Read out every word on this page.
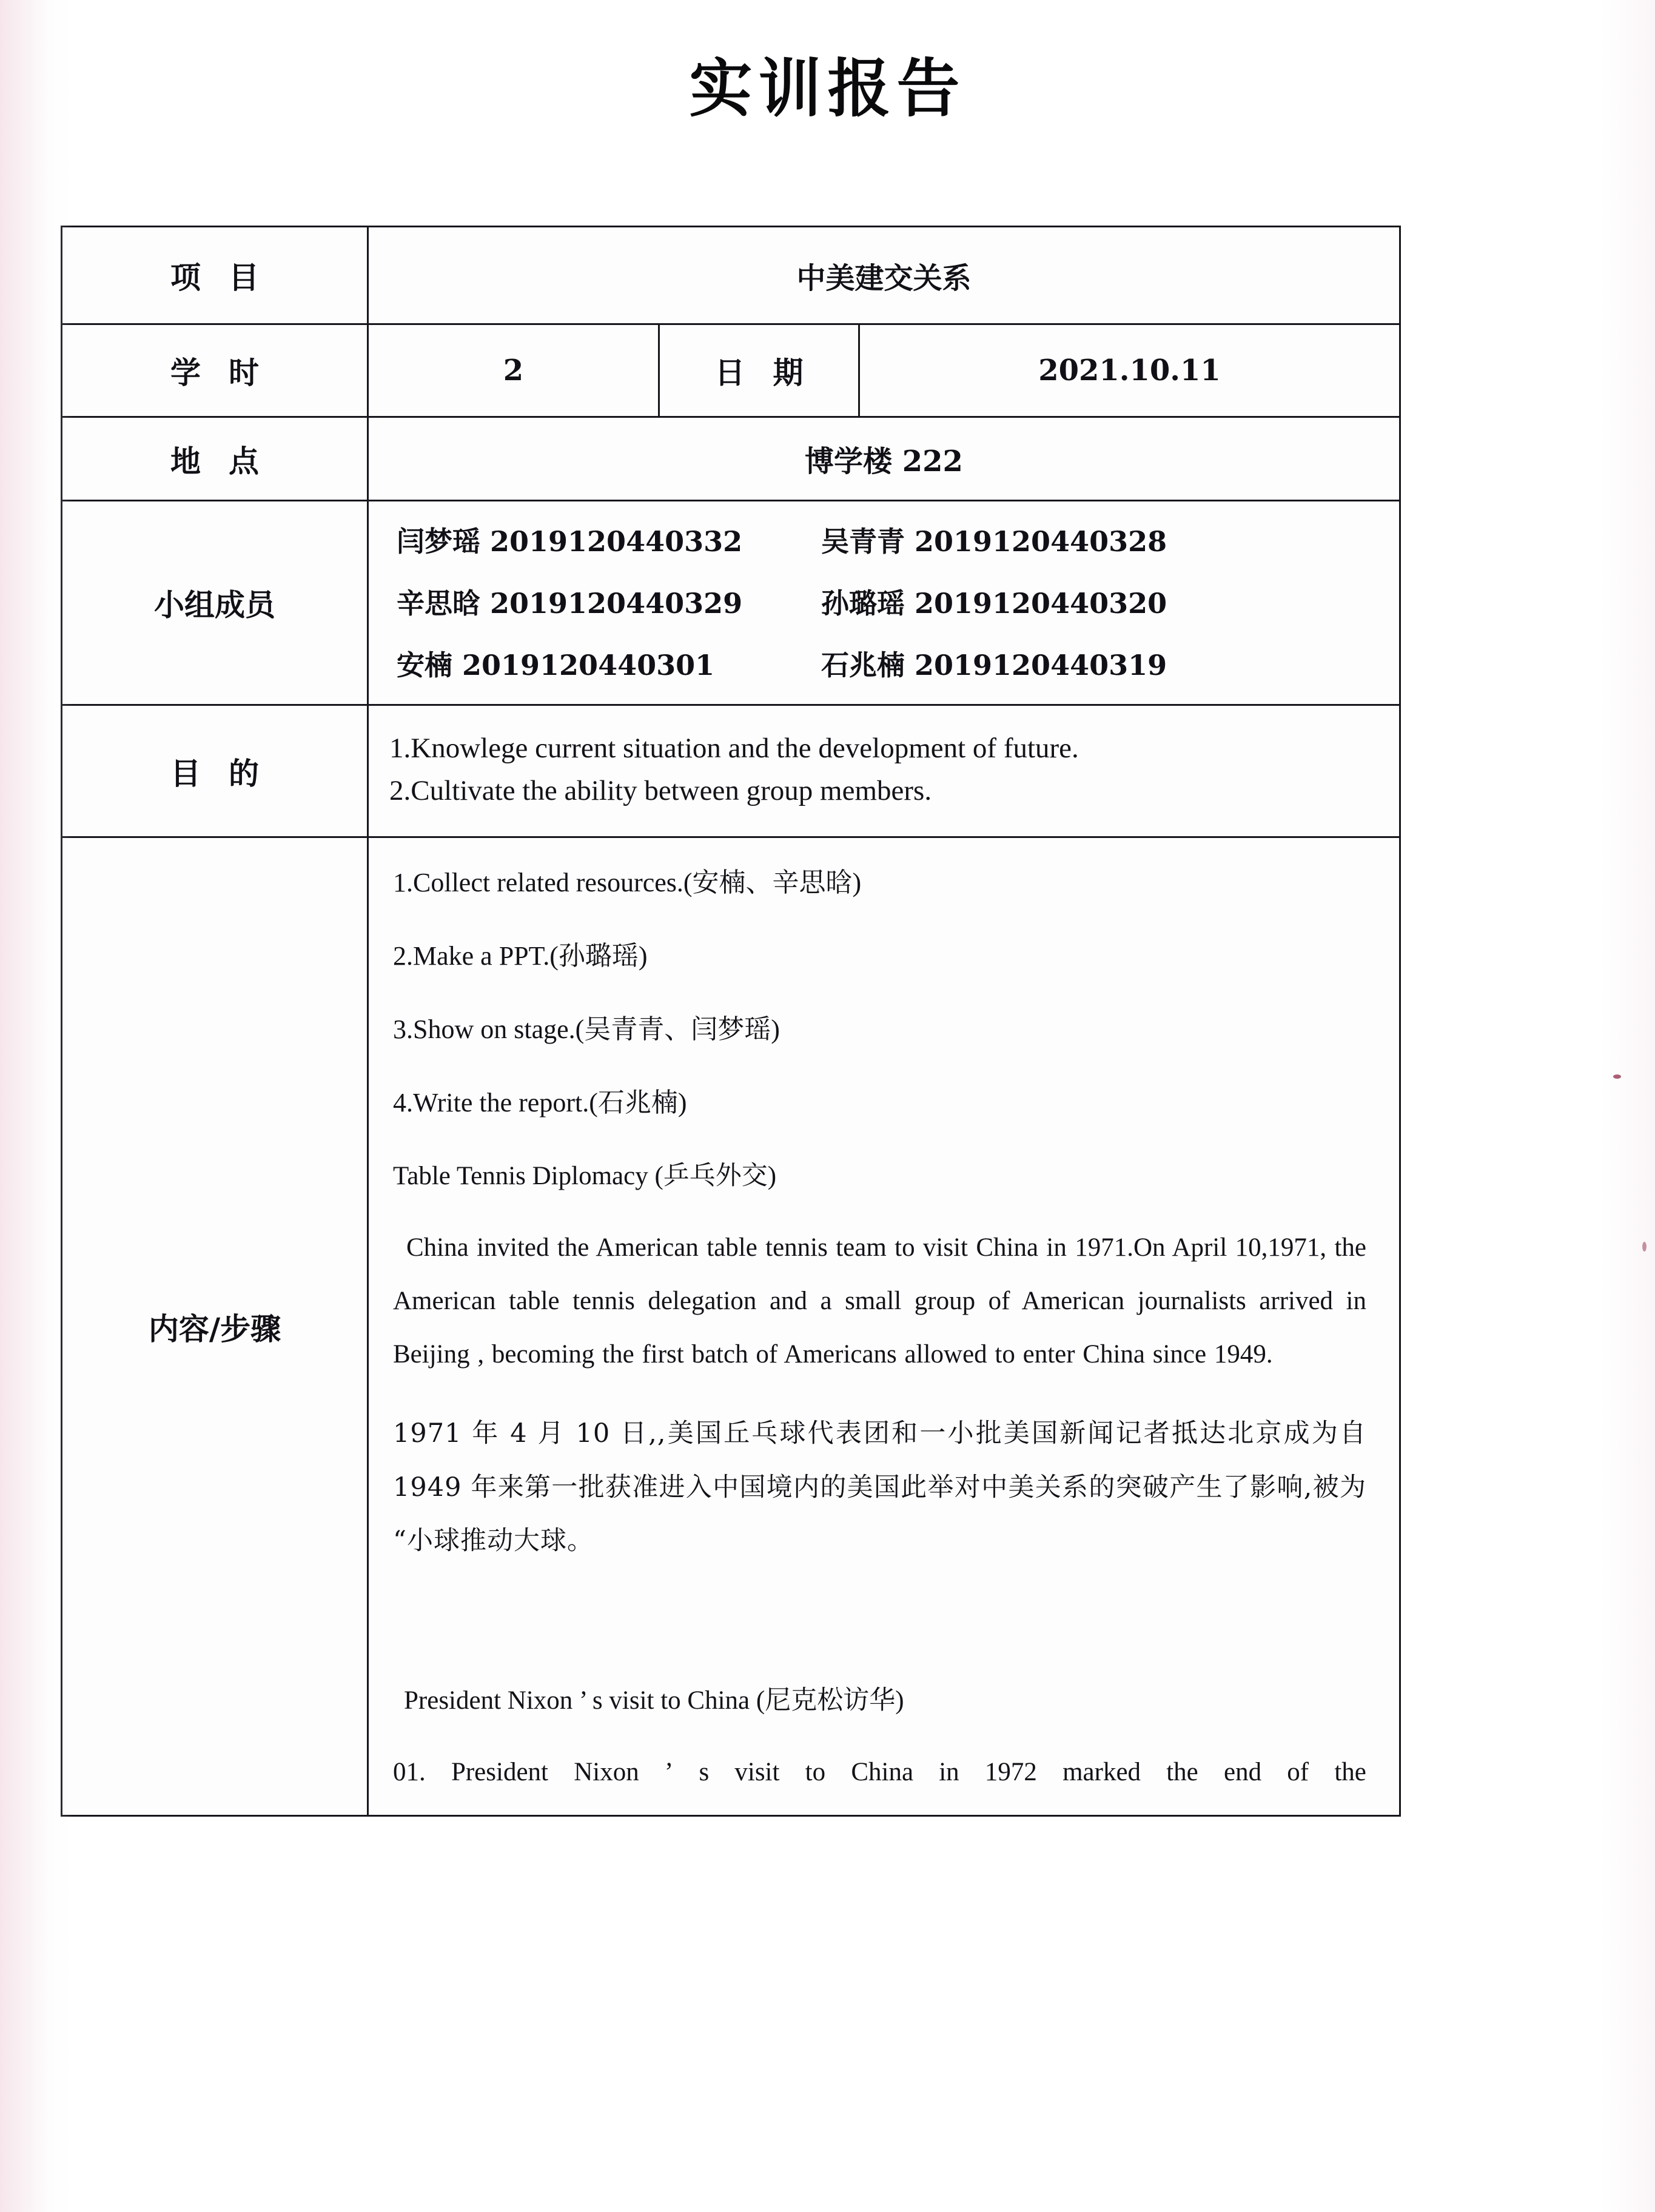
实训报告
项 目	中美建交关系		
学 时	2	日 期	2021.10.11
地 点	博学楼 222		
小组成员	
闫梦瑶 2019120440332	吴青青 2019120440328
辛思晗 2019120440329	孙璐瑶 2019120440320
安楠 2019120440301	石兆楠 2019120440319

目 的	1.Knowlege current situation and the development of future.
2.Cultivate the ability between group members.		

内容/步骤	
1.Collect related resources.(安楠、辛思晗)
2.Make a PPT.(孙璐瑶)
3.Show on stage.(吴青青、闫梦瑶)
4.Write the report.(石兆楠)
Table Tennis Diplomacy (乒乓外交)
China invited the American table tennis team to visit China in 1971.On April 10,1971, the American table tennis delegation and a small group of American journalists arrived in Beijing , becoming the first batch of Americans allowed to enter China since 1949.
1971 年 4 月 10 日,,美国丘乓球代表团和一小批美国新闻记者抵达北京成为自 1949 年来第一批获准进入中国境内的美国此举对中美关系的突破产生了影响,被为“小球推动大球。
President Nixon ’ s visit to China (尼克松访华)
01. President Nixon ’ s visit to China in 1972 marked the end of the
